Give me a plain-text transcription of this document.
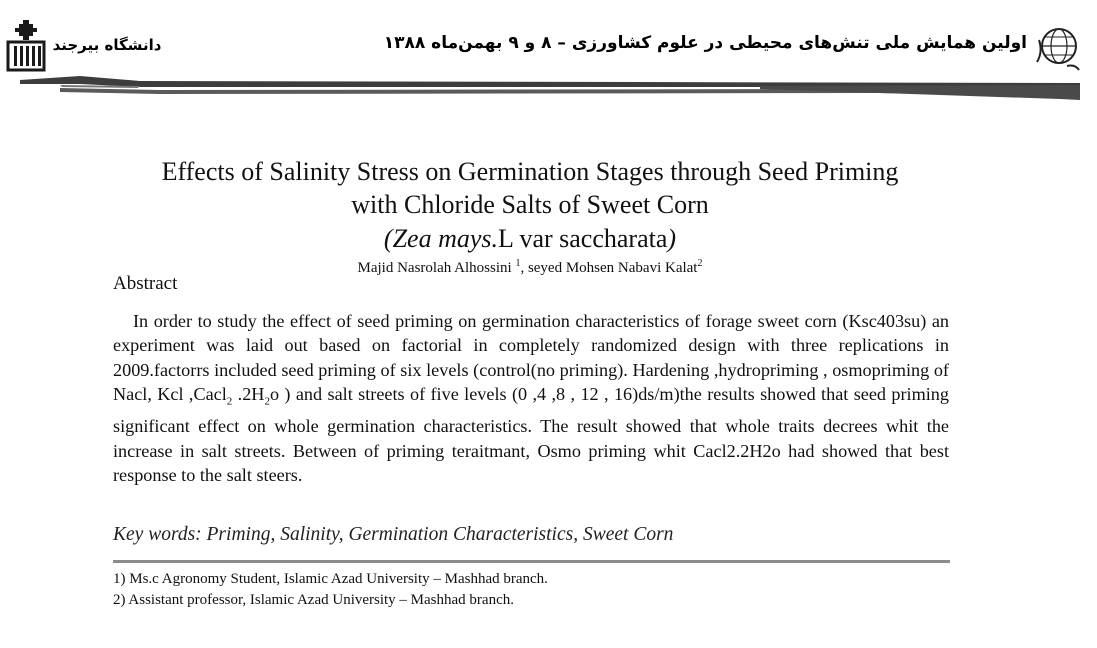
دانشگاه بیرجند	اولین همایش ملی تنش‌های محیطی در علوم کشاورزی – ۸ و ۹ بهمن‌ماه ۱۳۸۸
Effects of Salinity Stress on Germination Stages through Seed Priming
with Chloride Salts of Sweet Corn
(Zea mays.L var saccharata)
Majid Nasrolah Alhossini $^1$, seyed Mohsen Nabavi Kalat$^2$
Abstract
In order to study the effect of seed priming on germination characteristics of forage sweet corn (Ksc403su) an experiment was laid out based on factorial in completely randomized design with three replications in 2009.factorrs included seed priming of six levels (control(no priming). Hardening ,hydropriming , osmopriming of Nacl, Kcl ,Cacl$_2$ $.2H_2o$ ) and salt streets of five levels (0 ,4 ,8 , 12 , 16)ds/m)the results showed that seed priming significant effect on whole germination characteristics. The result showed that whole traits decrees whit the increase in salt streets. Between of priming teraitmant, Osmo priming whit Cacl2.2H2o had showed that best response to the salt steers.
Key words: Priming, Salinity, Germination Characteristics, Sweet Corn
1) Ms.c Agronomy Student, Islamic Azad University – Mashhad branch.
2) Assistant professor, Islamic Azad University – Mashhad branch.
